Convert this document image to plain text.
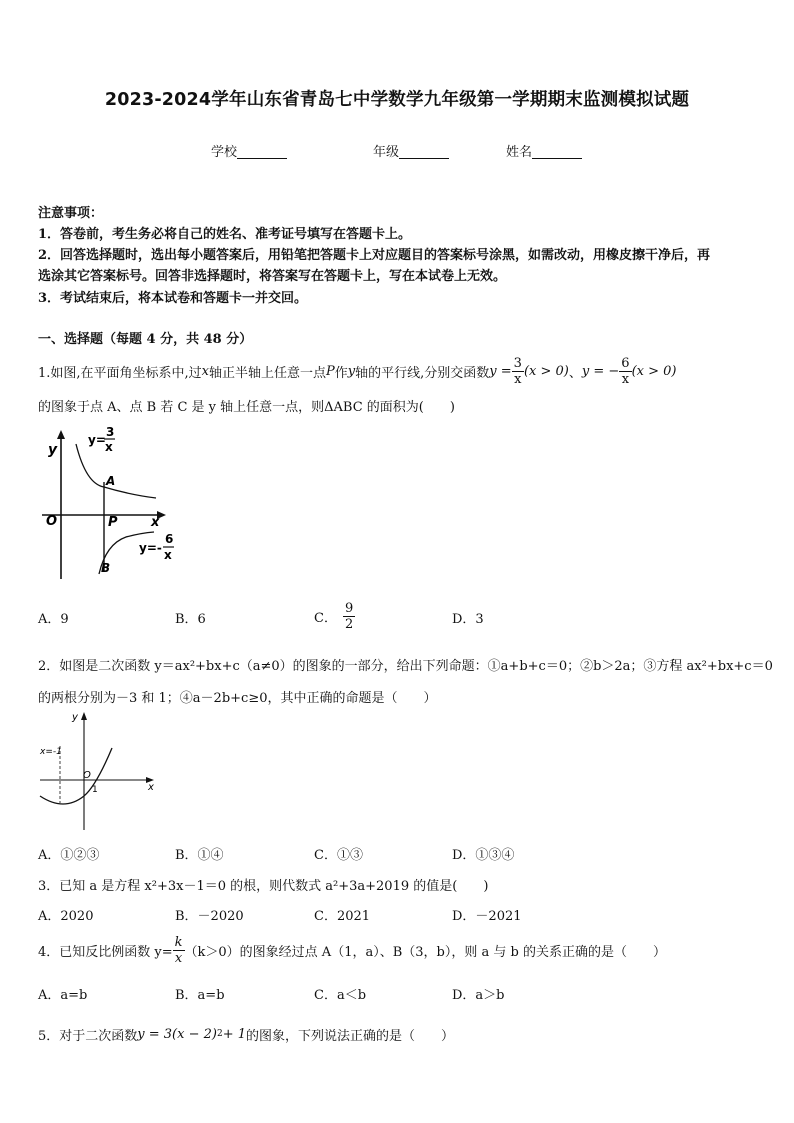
2023-2024学年山东省青岛七中学数学九年级第一学期期末监测模拟试题
学校	年级	姓名
注意事项：
1．答卷前，考生务必将自己的姓名、准考证号填写在答题卡上。
2．回答选择题时，选出每小题答案后，用铅笔把答题卡上对应题目的答案标号涂黑，如需改动，用橡皮擦干净后，再
选涂其它答案标号。回答非选择题时，将答案写在答题卡上，写在本试卷上无效。
3．考试结束后，将本试卷和答题卡一并交回。
一、选择题（每题 4 分，共 48 分）
1.如图,在平面角坐标系中,过 x 轴正半轴上任意一点 P 作 y 轴的平行线,分别交函数 $y = \frac{3}{x} (x > 0)$ 、 y = − $\frac{6}{x} (x > 0)$
的图象于点 A、点 B 若 C 是 y 轴上任意一点，则ΔABC 的面积为(　　)
y
O	P	x
A
B
y=
3
x
y=-
6
x
A．9	B．6	C． $\frac{9}{2}$	D．3
2．如图是二次函数 y＝ax²+bx+c（a≠0）的图象的一部分，给出下列命题：①a+b+c＝0；②b＞2a；③方程 ax²+bx+c＝0
的两根分别为－3 和 1；④a－2b+c≥0，其中正确的命题是（　　）
y
x
O
1
x=-1
A．①②③	B．①④	C．①③	D．①③④
3．已知 a 是方程 x²+3x－1＝0 的根，则代数式 a²+3a+2019 的值是(　　)
A．2020	B．－2020	C．2021	D．－2021
4．已知反比例函数 $y= \frac{k}{x} (k>0)$的图象经过点 A（1，a）、B（3，b），则 a 与 b 的关系正确的是（　　）
A．a=b	B．a=b	C．a＜b	D．a＞b
5．对于二次函数 y = 3(x − 2) 2 + 1 的图象，下列说法正确的是（　　）
